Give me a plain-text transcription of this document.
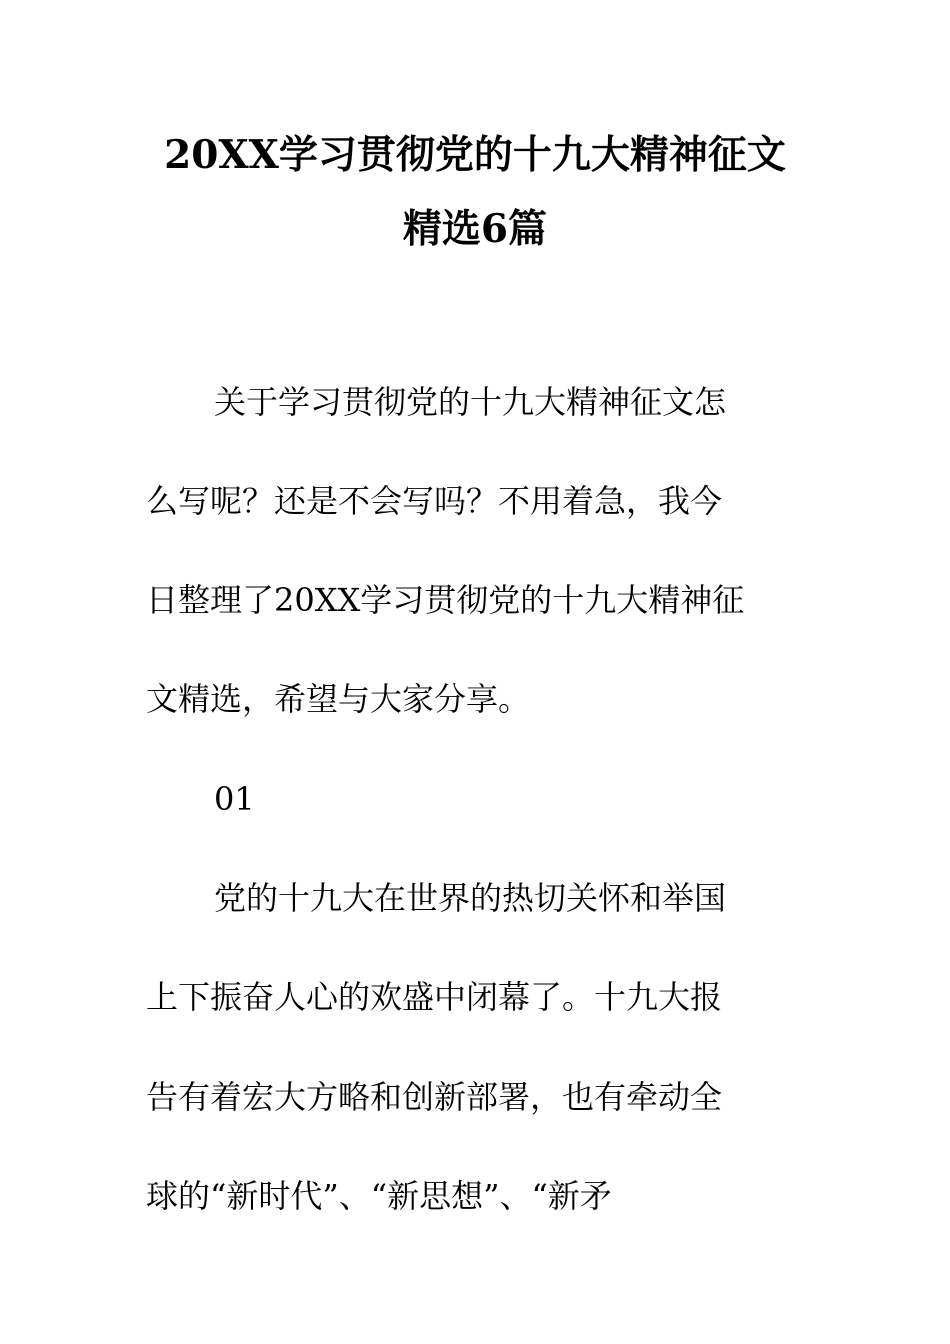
20XX学习贯彻党的十九大精神征文
精选6篇
关于学习贯彻党的十九大精神征文怎
么写呢？还是不会写吗？不用着急，我今
日整理了20XX学习贯彻党的十九大精神征
文精选，希望与大家分享。
01
党的十九大在世界的热切关怀和举国
上下振奋人心的欢盛中闭幕了。十九大报
告有着宏大方略和创新部署，也有牵动全
球的“新时代”、“新思想”、“新矛
